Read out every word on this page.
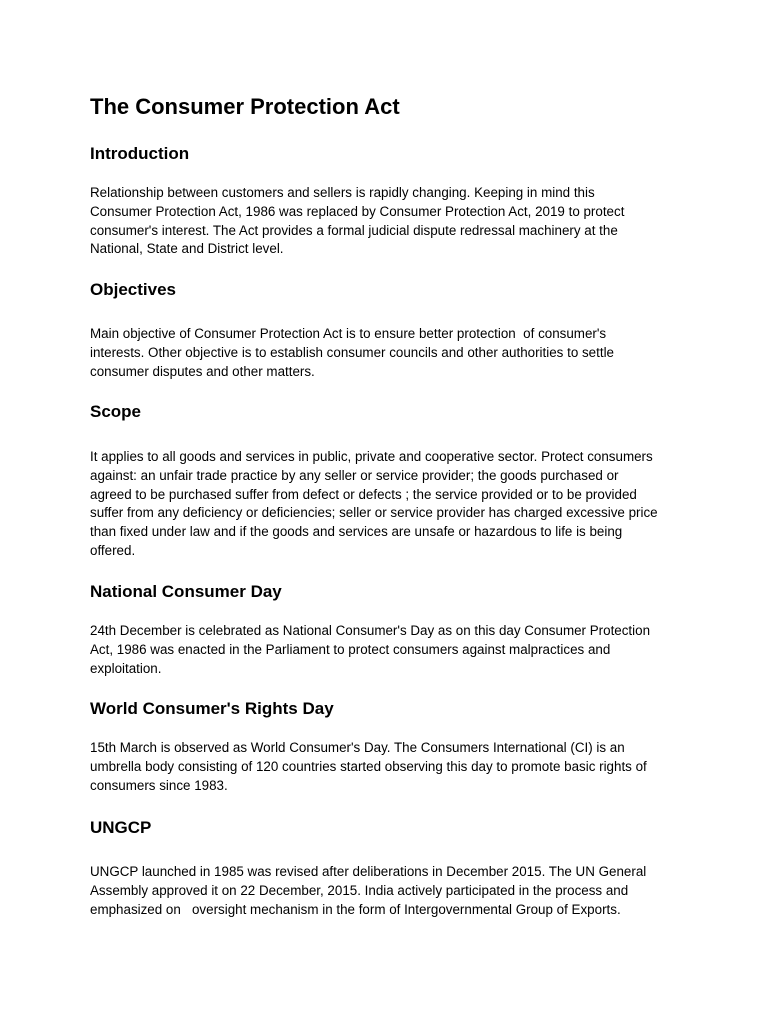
The Consumer Protection Act
Introduction

Relationship between customers and sellers is rapidly changing. Keeping in mind this
Consumer Protection Act, 1986 was replaced by Consumer Protection Act, 2019 to protect
consumer's interest. The Act provides a formal judicial dispute redressal machinery at the
National, State and District level.

Objectives

Main objective of Consumer Protection Act is to ensure better protection  of consumer's
interests. Other objective is to establish consumer councils and other authorities to settle
consumer disputes and other matters.

Scope

It applies to all goods and services in public, private and cooperative sector. Protect consumers
against: an unfair trade practice by any seller or service provider; the goods purchased or
agreed to be purchased suffer from defect or defects ; the service provided or to be provided
suffer from any deficiency or deficiencies; seller or service provider has charged excessive price
than fixed under law and if the goods and services are unsafe or hazardous to life is being
offered.

National Consumer Day

24th December is celebrated as National Consumer's Day as on this day Consumer Protection
Act, 1986 was enacted in the Parliament to protect consumers against malpractices and
exploitation.

World Consumer's Rights Day

15th March is observed as World Consumer's Day. The Consumers International (CI) is an
umbrella body consisting of 120 countries started observing this day to promote basic rights of
consumers since 1983.

UNGCP

UNGCP launched in 1985 was revised after deliberations in December 2015. The UN General
Assembly approved it on 22 December, 2015. India actively participated in the process and
emphasized on   oversight mechanism in the form of Intergovernmental Group of Exports.
